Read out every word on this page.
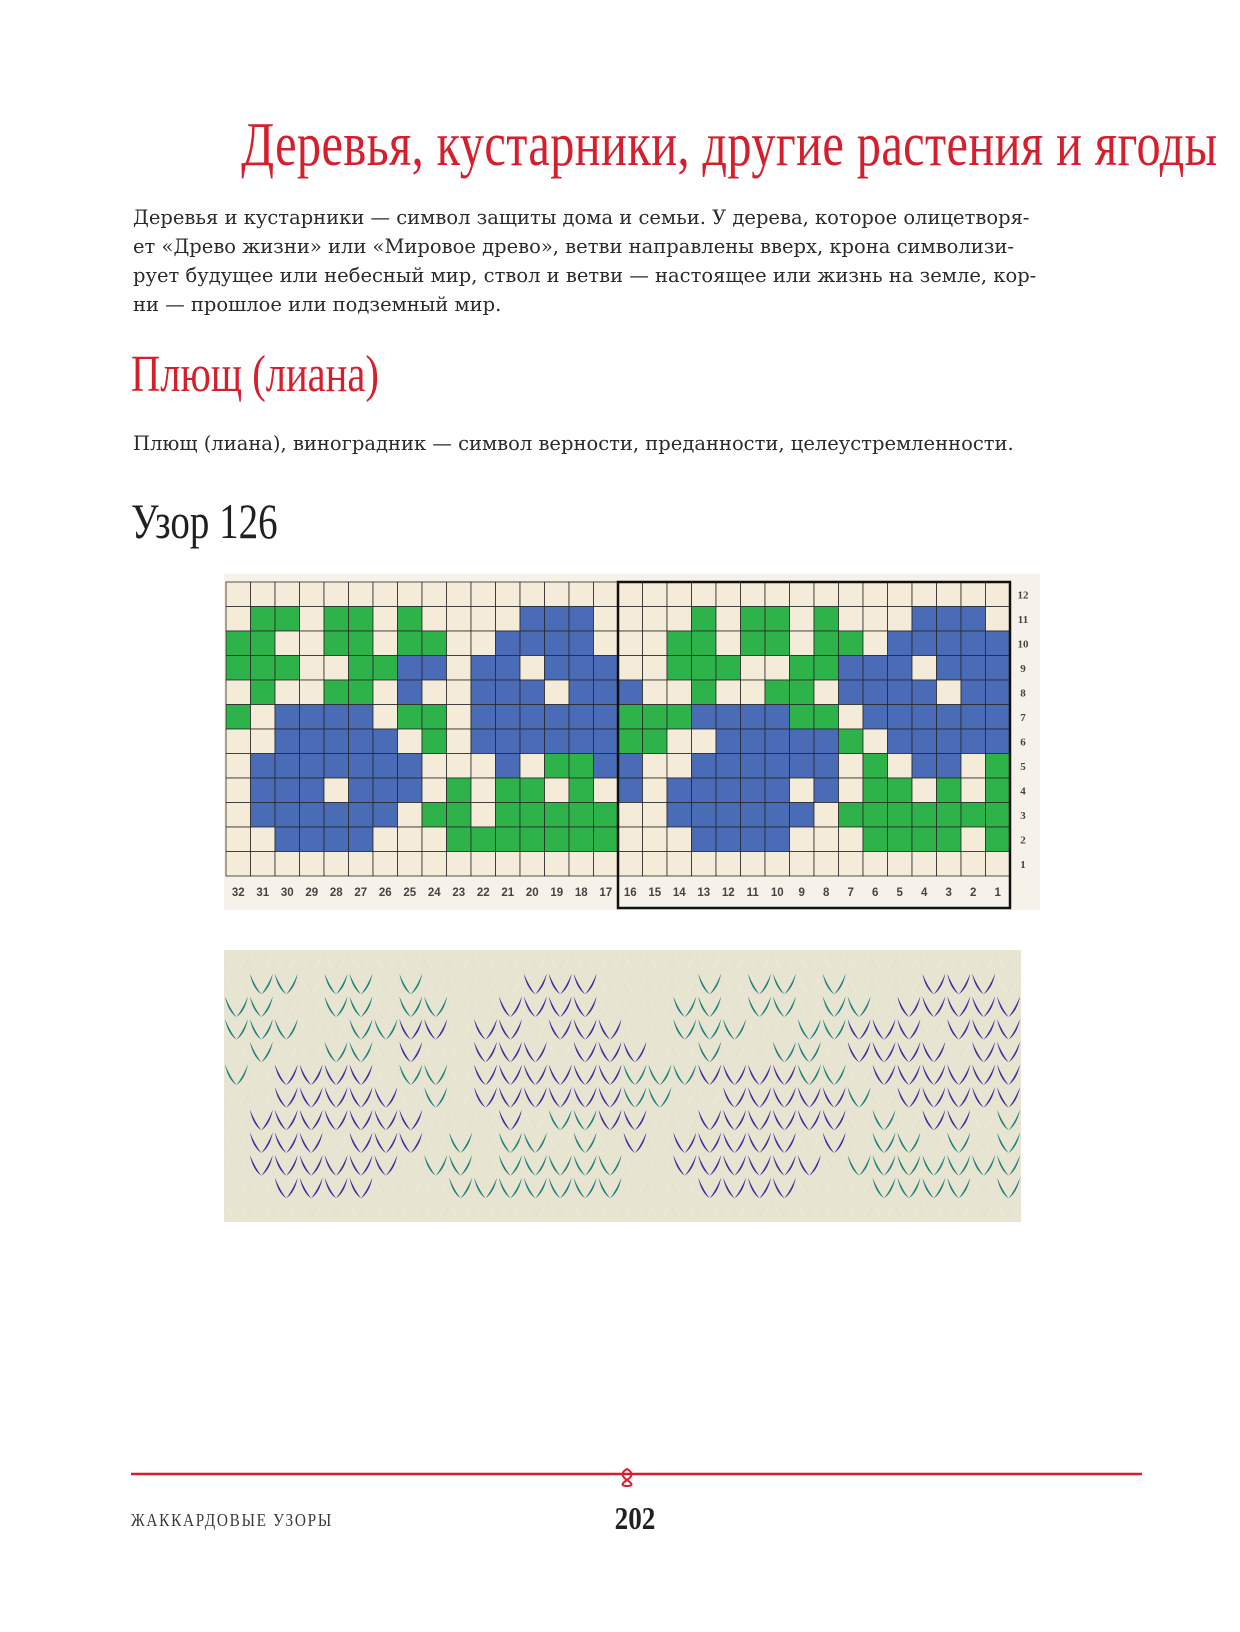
Деревья, кустарники, другие растения и ягоды
Деревья и кустарники — символ защиты дома и семьи. У дерева, которое олицетворя-
ет «Древо жизни» или «Мировое древо», ветви направлены вверх, крона символизи-
рует будущее или небесный мир, ствол и ветви — настоящее или жизнь на земле, кор-
ни — прошлое или подземный мир.
Плющ (лиана)
Плющ (лиана), виноградник — символ верности, преданности, целеустремленности.
Узор 126
32 31 30 29 28 27 26 25 24 23 22 21 20 19 18 17 16 15 14 13 12 11 10 9 8 7 6 5 4 3 2 1
12
11
10
9
8
7
6
5
4
3
2
1
ЖАККАРДОВЫЕ УЗОРЫ	202
